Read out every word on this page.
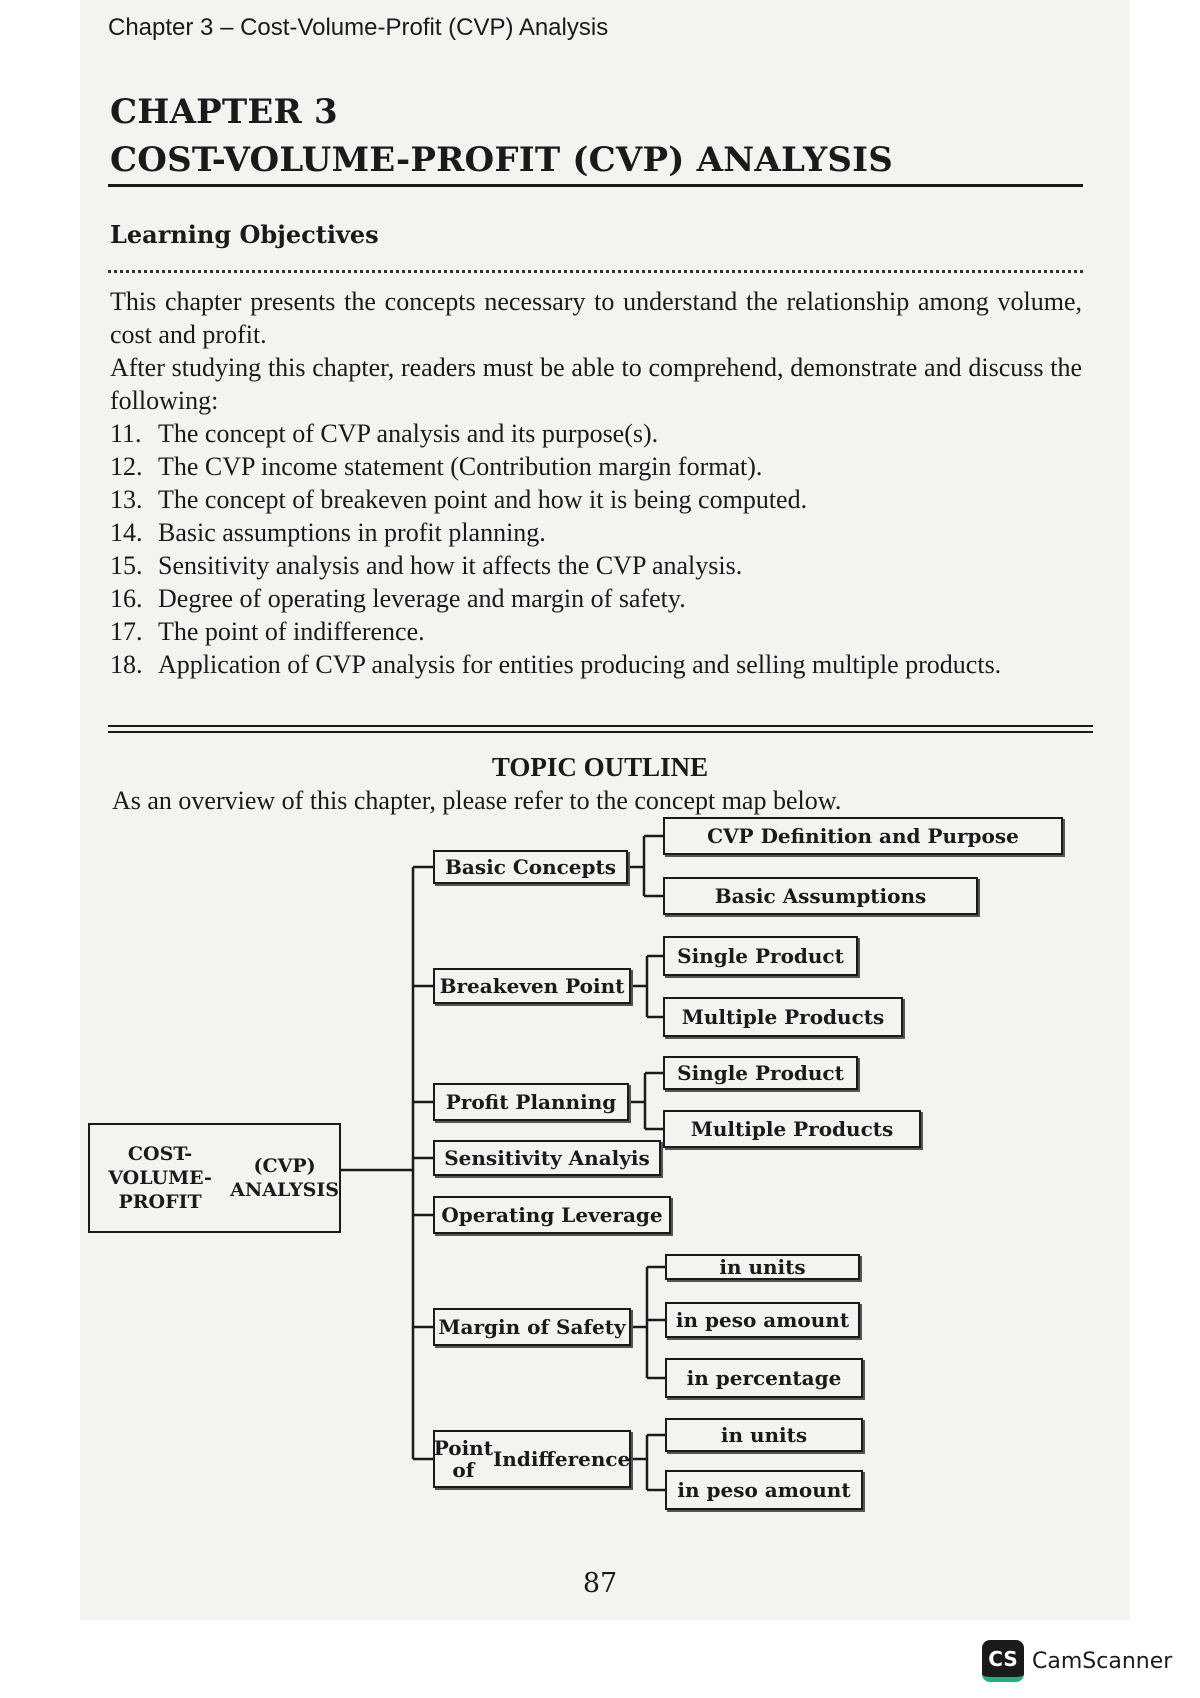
Chapter 3 – Cost-Volume-Profit (CVP) Analysis
CHAPTER 3
COST-VOLUME-PROFIT (CVP) ANALYSIS
Learning Objectives

This chapter presents the concepts necessary to understand the relationship among volume, cost and profit.

After studying this chapter, readers must be able to comprehend, demonstrate and discuss the following:

11. The concept of CVP analysis and its purpose(s).
12. The CVP income statement (Contribution margin format).
13. The concept of breakeven point and how it is being computed.
14. Basic assumptions in profit planning.
15. Sensitivity analysis and how it affects the CVP analysis.
16. Degree of operating leverage and margin of safety.
17. The point of indifference.
18. Application of CVP analysis for entities producing and selling multiple products.
TOPIC OUTLINE
As an overview of this chapter, please refer to the concept map below.
COST-VOLUME-PROFIT

(CVP) ANALYSIS
Basic Concepts
CVP Definition and Purpose
Basic Assumptions
Breakeven Point
Single Product
Multiple Products
Profit Planning
Single Product
Multiple Products
Sensitivity Analyis
Operating Leverage
Margin of Safety
in units
in peso amount
in percentage
Point of Indifference
in units
in peso amount
87
CS CamScanner
